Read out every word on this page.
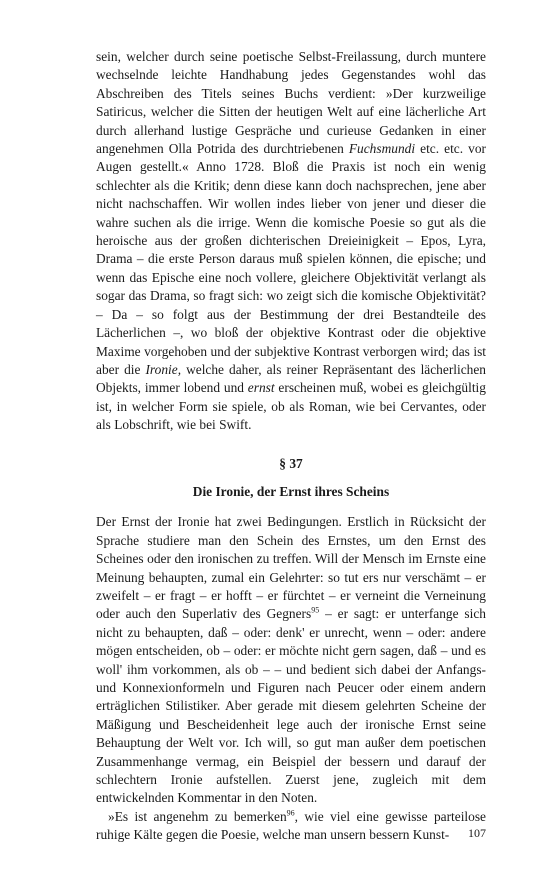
sein, welcher durch seine poetische Selbst-Freilassung, durch muntere wechselnde leichte Handhabung jedes Gegenstandes wohl das Abschreiben des Titels seines Buchs verdient: »Der kurzweilige Satiricus, welcher die Sitten der heutigen Welt auf eine lächerliche Art durch allerhand lustige Gespräche und curieuse Gedanken in einer angenehmen Olla Potrida des durchtriebenen Fuchsmundi etc. etc. vor Augen gestellt.« Anno 1728. Bloß die Praxis ist noch ein wenig schlechter als die Kritik; denn diese kann doch nachsprechen, jene aber nicht nachschaffen. Wir wollen indes lieber von jener und dieser die wahre suchen als die irrige. Wenn die komische Poesie so gut als die heroische aus der großen dichterischen Dreieinigkeit – Epos, Lyra, Drama – die erste Person daraus muß spielen können, die epische; und wenn das Epische eine noch vollere, gleichere Objektivität verlangt als sogar das Drama, so fragt sich: wo zeigt sich die komische Objektivität? – Da – so folgt aus der Bestimmung der drei Bestandteile des Lächerlichen –, wo bloß der objektive Kontrast oder die objektive Maxime vorgehoben und der subjektive Kontrast verborgen wird; das ist aber die Ironie, welche daher, als reiner Repräsentant des lächerlichen Objekts, immer lobend und ernst erscheinen muß, wobei es gleichgültig ist, in welcher Form sie spiele, ob als Roman, wie bei Cervantes, oder als Lobschrift, wie bei Swift.

§ 37
Die Ironie, der Ernst ihres Scheins

Der Ernst der Ironie hat zwei Bedingungen. Erstlich in Rücksicht der Sprache studiere man den Schein des Ernstes, um den Ernst des Scheines oder den ironischen zu treffen. Will der Mensch im Ernste eine Meinung behaupten, zumal ein Gelehrter: so tut ers nur verschämt – er zweifelt – er fragt – er hofft – er fürchtet – er verneint die Verneinung oder auch den Superlativ des Gegners$^{95}$ – er sagt: er unterfange sich nicht zu behaupten, daß – oder: denk' er unrecht, wenn – oder: andere mögen entscheiden, ob – oder: er möchte nicht gern sagen, daß – und es woll' ihm vorkommen, als ob – – und bedient sich dabei der Anfangs- und Konnexionformeln und Figuren nach Peucer oder einem andern erträglichen Stilistiker. Aber gerade mit diesem gelehrten Scheine der Mäßigung und Bescheidenheit lege auch der ironische Ernst seine Behauptung der Welt vor. Ich will, so gut man außer dem poetischen Zusammenhange vermag, ein Beispiel der bessern und darauf der schlechtern Ironie aufstellen. Zuerst jene, zugleich mit dem entwickelnden Kommentar in den Noten.

»Es ist angenehm zu bemerken$^{96}$, wie viel eine gewisse parteilose ruhige Kälte gegen die Poesie, welche man unsern bessern Kunst-	107
